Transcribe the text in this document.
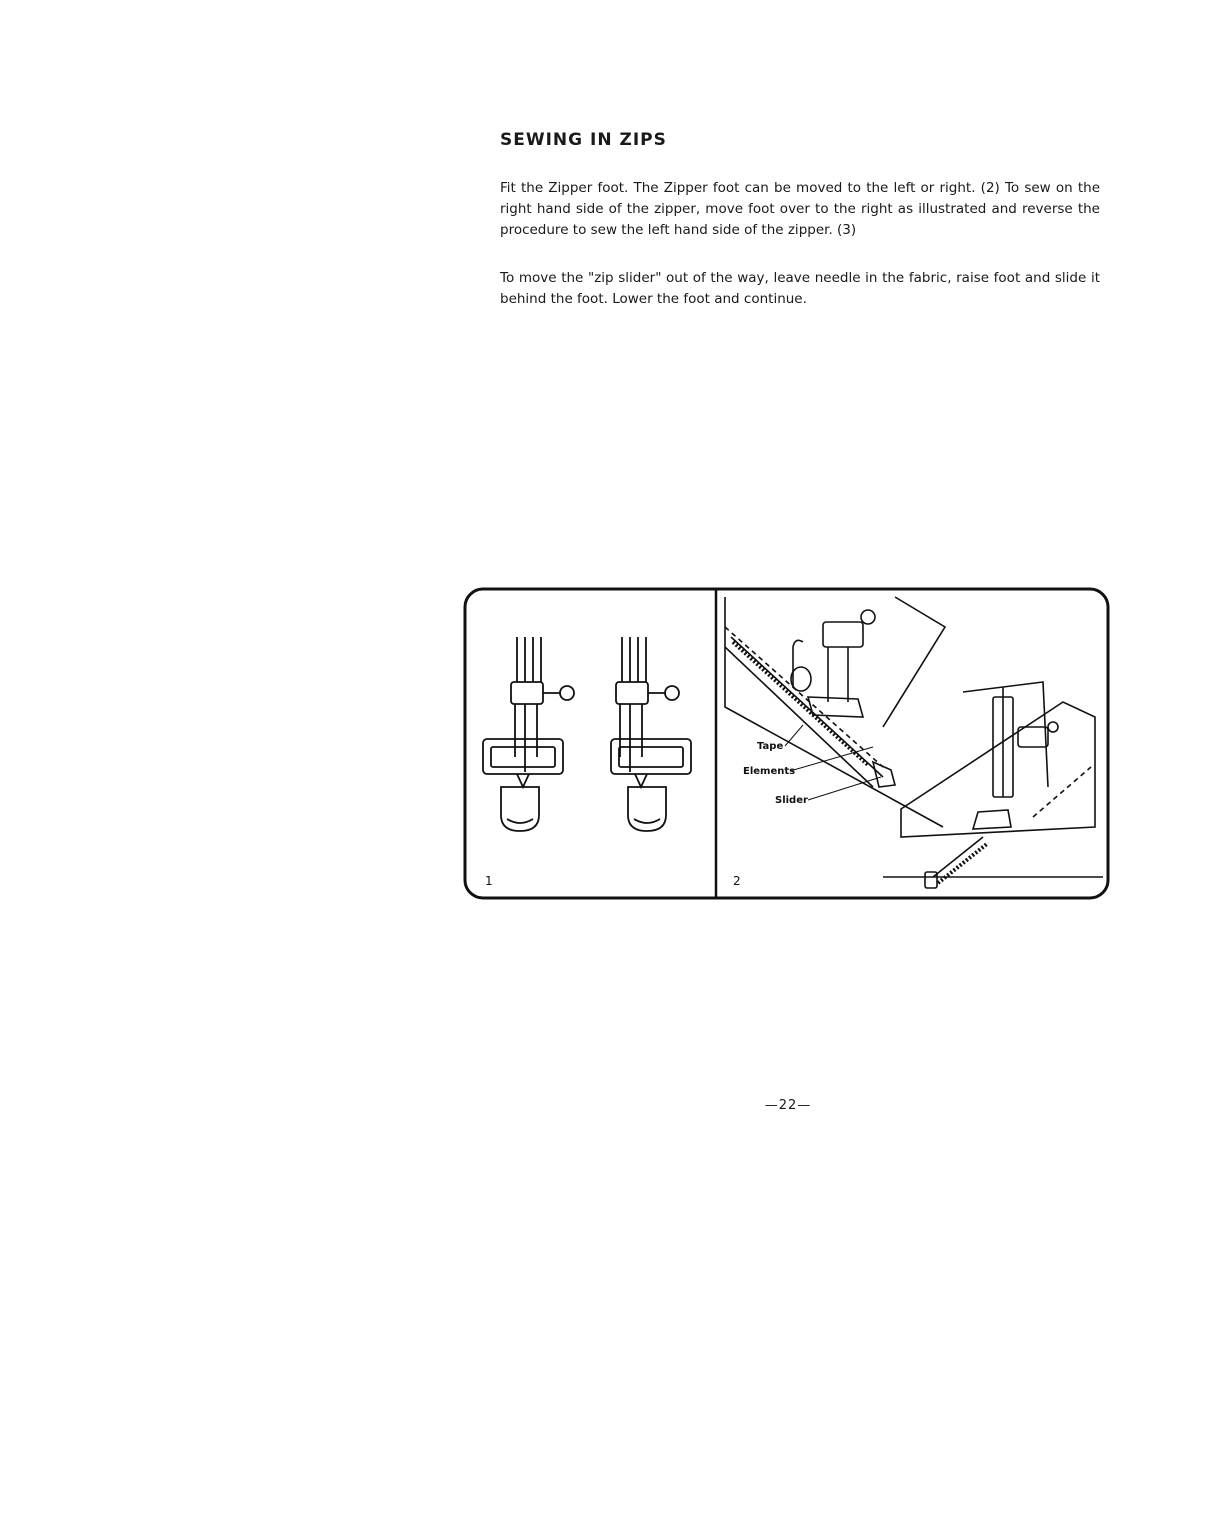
SEWING IN ZIPS

Fit the Zipper foot. The Zipper foot can be moved to the left or right. (2) To sew on the right hand side of the zipper, move foot over to the right as illustrated and reverse the procedure to sew the left hand side of the zipper. (3)

To move the "zip slider" out of the way, leave needle in the fabric, raise foot and slide it behind the foot. Lower the foot and continue.

1
Tape
Elements
Slider
2
—22—
